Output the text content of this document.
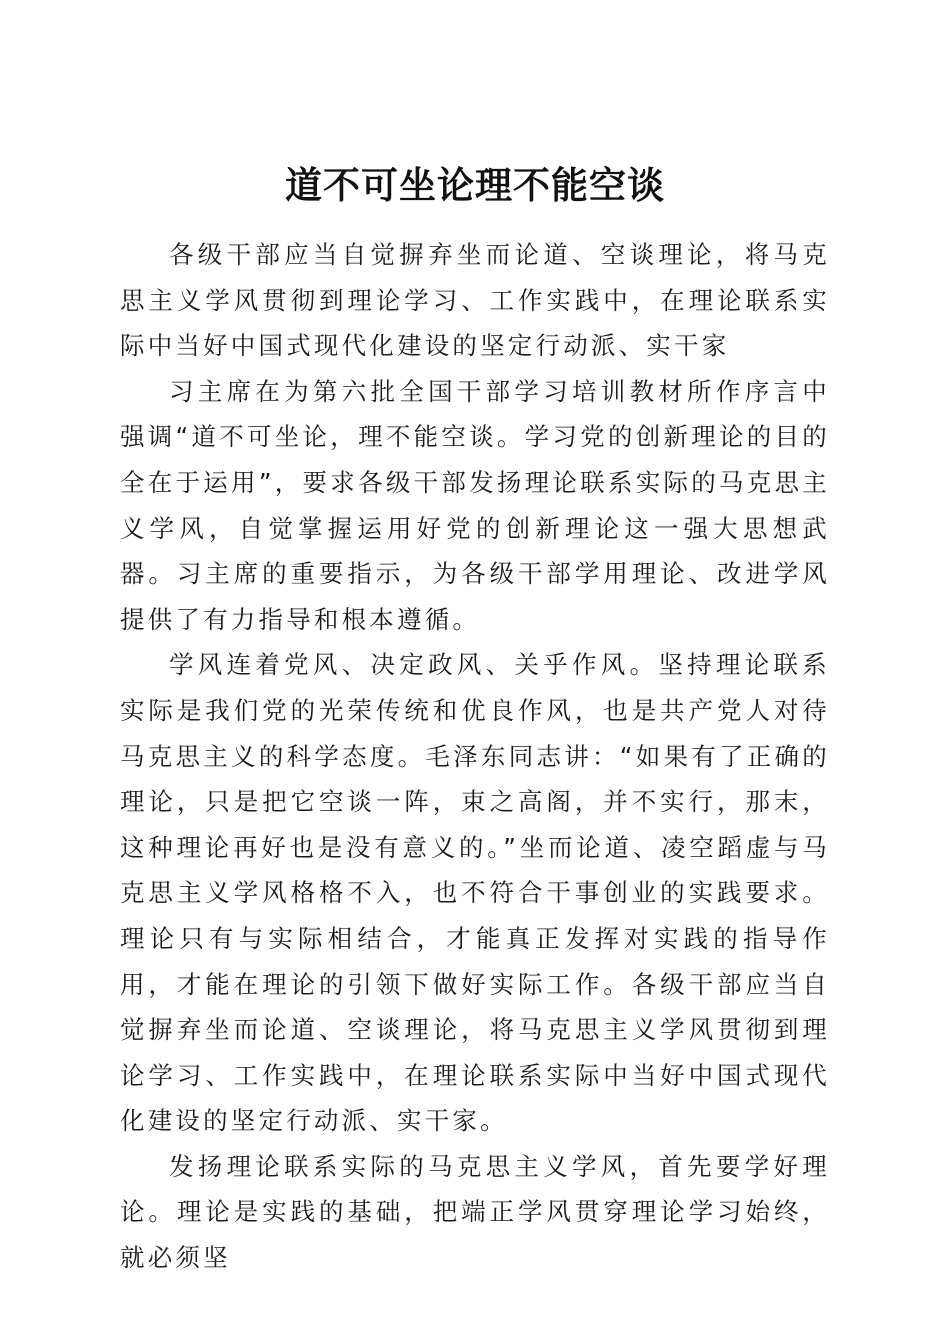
道不可坐论理不能空谈

各级干部应当自觉摒弃坐而论道、空谈理论，将马克思主义学风贯彻到理论学习、工作实践中，在理论联系实际中当好中国式现代化建设的坚定行动派、实干家

习主席在为第六批全国干部学习培训教材所作序言中强调“道不可坐论，理不能空谈。学习党的创新理论的目的全在于运用”，要求各级干部发扬理论联系实际的马克思主义学风，自觉掌握运用好党的创新理论这一强大思想武器。习主席的重要指示，为各级干部学用理论、改进学风提供了有力指导和根本遵循。

学风连着党风、决定政风、关乎作风。坚持理论联系实际是我们党的光荣传统和优良作风，也是共产党人对待马克思主义的科学态度。毛泽东同志讲：“如果有了正确的理论，只是把它空谈一阵，束之高阁，并不实行，那末，这种理论再好也是没有意义的。”坐而论道、凌空蹈虚与马克思主义学风格格不入，也不符合干事创业的实践要求。理论只有与实际相结合，才能真正发挥对实践的指导作用，才能在理论的引领下做好实际工作。各级干部应当自觉摒弃坐而论道、空谈理论，将马克思主义学风贯彻到理论学习、工作实践中，在理论联系实际中当好中国式现代化建设的坚定行动派、实干家。

发扬理论联系实际的马克思主义学风，首先要学好理论。理论是实践的基础，把端正学风贯穿理论学习始终，就必须坚
